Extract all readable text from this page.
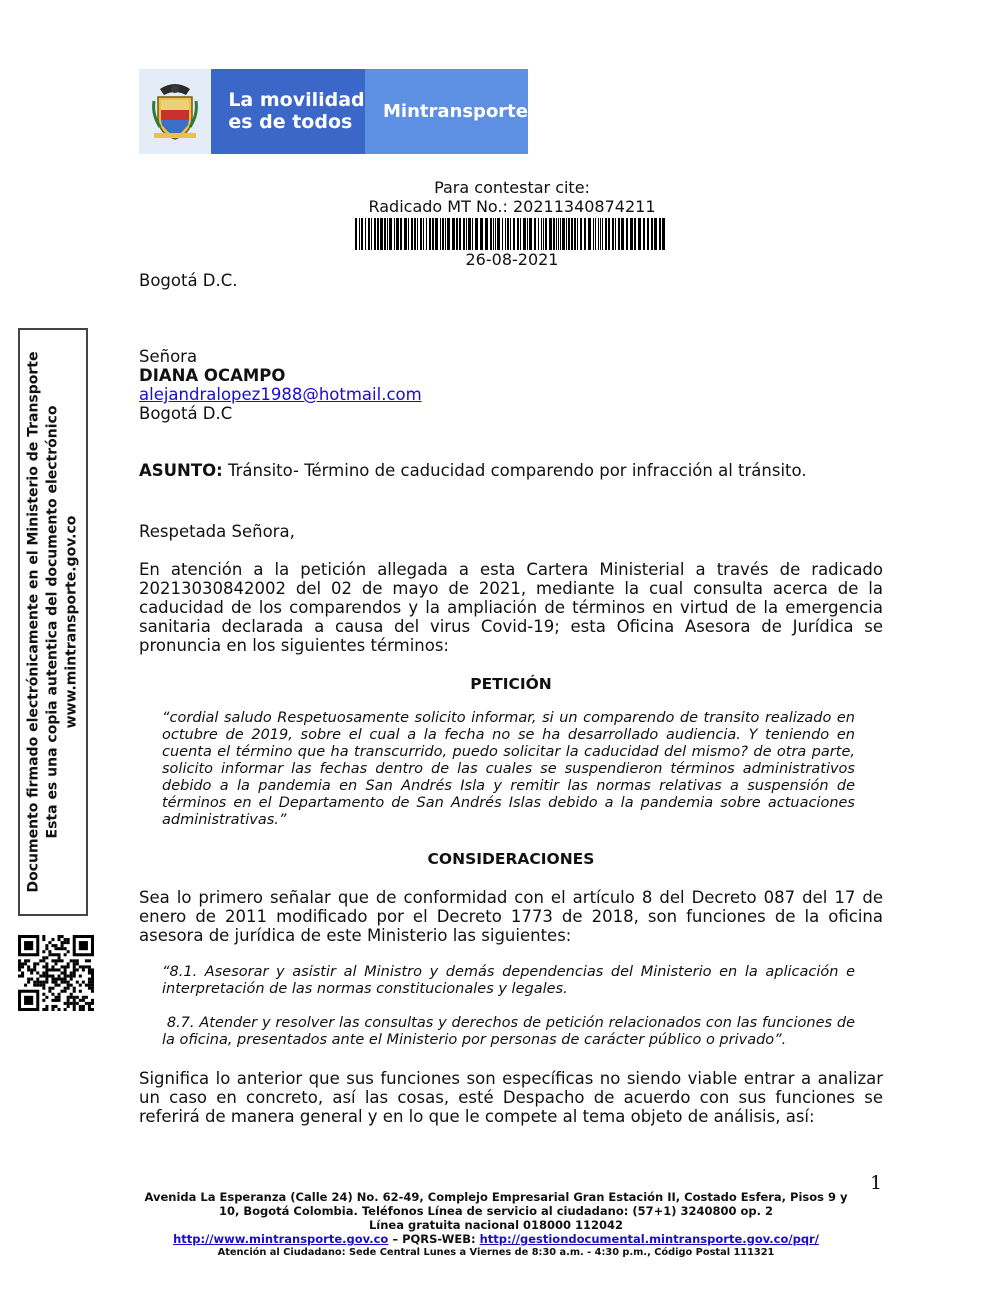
La movilidad
es de todos	Mintransporte
Para contestar cite:
Radicado MT No.: 20211340874211
26-08-2021
Bogotá D.C.
Señora
DIANA OCAMPO
alejandralopez1988@hotmail.com
Bogotá D.C
ASUNTO: Tránsito- Término de caducidad comparendo por infracción al tránsito.
Respetada Señora,
En atención a la petición allegada a esta Cartera Ministerial a través de radicado 20213030842002 del 02 de mayo de 2021, mediante la cual consulta acerca de la caducidad de los comparendos y la ampliación de términos en virtud de la emergencia sanitaria declarada a causa del virus Covid-19; esta Oficina Asesora de Jurídica se pronuncia en los siguientes términos:
PETICIÓN
“cordial saludo Respetuosamente solicito informar, si un comparendo de transito realizado en octubre de 2019, sobre el cual a la fecha no se ha desarrollado audiencia. Y teniendo en cuenta el término que ha transcurrido, puedo solicitar la caducidad del mismo? de otra parte, solicito informar las fechas dentro de las cuales se suspendieron términos administrativos debido a la pandemia en San Andrés Isla y remitir las normas relativas a suspensión de términos en el Departamento de San Andrés Islas debido a la pandemia sobre actuaciones administrativas.”
CONSIDERACIONES
Sea lo primero señalar que de conformidad con el artículo 8 del Decreto 087 del 17 de enero de 2011 modificado por el Decreto 1773 de 2018, son funciones de la oficina asesora de jurídica de este Ministerio las siguientes:
“8.1. Asesorar y asistir al Ministro y demás dependencias del Ministerio en la aplicación e interpretación de las normas constitucionales y legales.
8.7. Atender y resolver las consultas y derechos de petición relacionados con las funciones de la oficina, presentados ante el Ministerio por personas de carácter público o privado”.
Significa lo anterior que sus funciones son específicas no siendo viable entrar a analizar un caso en concreto, así las cosas, esté Despacho de acuerdo con sus funciones se referirá de manera general y en lo que le compete al tema objeto de análisis, así:
Documento firmado electrónicamente en el Ministerio de Transporte Esta es una copia autentica del documento electrónico www.mintransporte.gov.co
1
Avenida La Esperanza (Calle 24) No. 62-49, Complejo Empresarial Gran Estación II, Costado Esfera, Pisos 9 y 10, Bogotá Colombia. Teléfonos Línea de servicio al ciudadano: (57+1) 3240800 op. 2
Línea gratuita nacional 018000 112042
http://www.mintransporte.gov.co – PQRS-WEB: http://gestiondocumental.mintransporte.gov.co/pqr/
Atención al Ciudadano: Sede Central Lunes a Viernes de 8:30 a.m. - 4:30 p.m., Código Postal 111321
